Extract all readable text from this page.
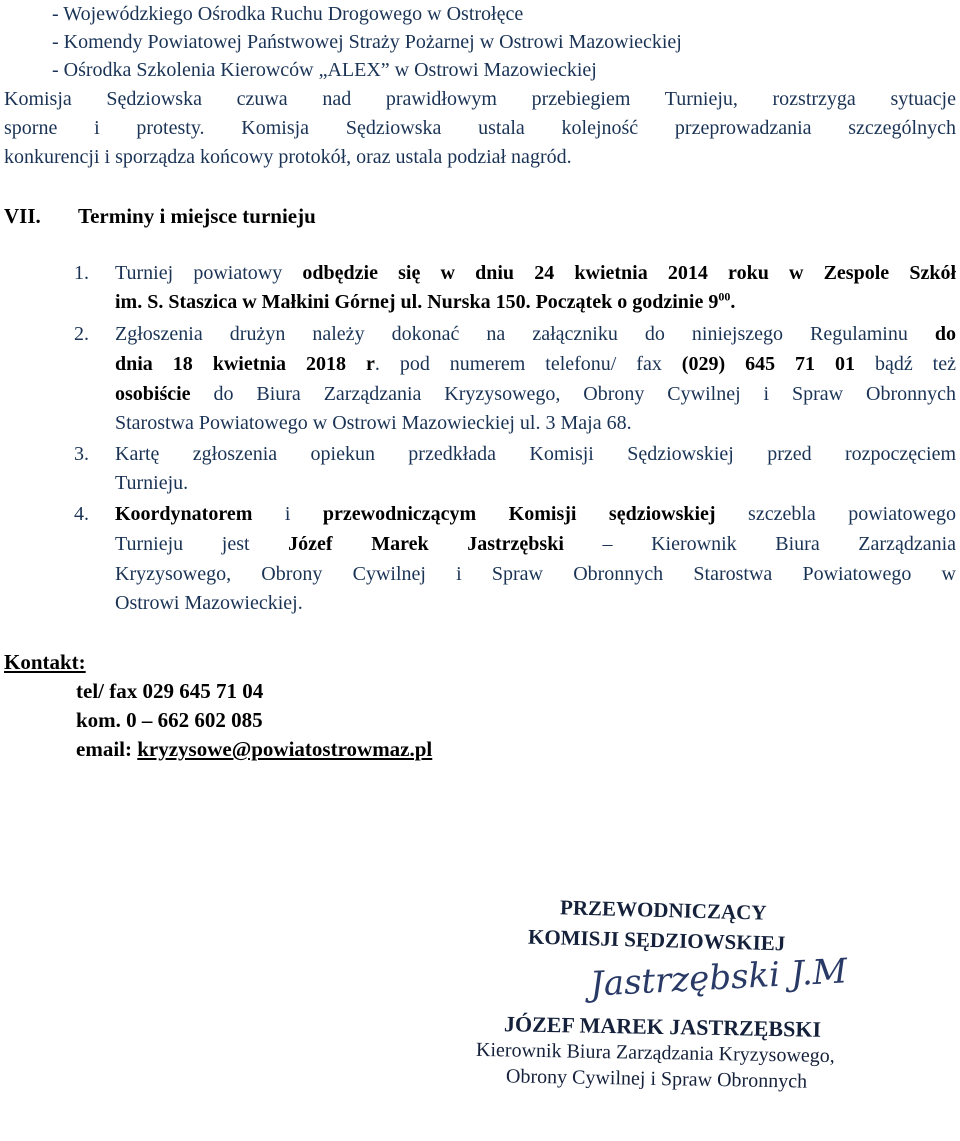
- Wojewódzkiego Ośrodka Ruchu Drogowego w Ostrołęce
- Komendy Powiatowej Państwowej Straży Pożarnej w Ostrowi Mazowieckiej
- Ośrodka Szkolenia Kierowców „ALEX” w Ostrowi Mazowieckiej
Komisja Sędziowska czuwa nad prawidłowym przebiegiem Turnieju, rozstrzyga sytuacje
sporne i protesty. Komisja Sędziowska ustala kolejność przeprowadzania szczególnych
konkurencji i sporządza końcowy protokół, oraz ustala podział nagród.
VII. Terminy i miejsce turnieju
1.	Turniej powiatowy odbędzie się w dniu 24 kwietnia 2014 roku w Zespole Szkół
im. S. Staszica w Małkini Górnej ul. Nurska 150. Początek o godzinie $9^{00}$.
2.	Zgłoszenia drużyn należy dokonać na załączniku do niniejszego Regulaminu do
dnia 18 kwietnia 2018 r. pod numerem telefonu/ fax (029) 645 71 01 bądź też
osobiście do Biura Zarządzania Kryzysowego, Obrony Cywilnej i Spraw Obronnych
Starostwa Powiatowego w Ostrowi Mazowieckiej ul. 3 Maja 68.
3.	Kartę zgłoszenia opiekun przedkłada Komisji Sędziowskiej przed rozpoczęciem
Turnieju.
4.	Koordynatorem i przewodniczącym Komisji sędziowskiej szczebla powiatowego
Turnieju jest Józef Marek Jastrzębski – Kierownik Biura Zarządzania
Kryzysowego, Obrony Cywilnej i Spraw Obronnych Starostwa Powiatowego w
Ostrowi Mazowieckiej.
Kontakt:
tel/ fax 029 645 71 04
kom. 0 – 662 602 085
email: kryzysowe@powiatostrowmaz.pl
PRZEWODNICZĄCY
KOMISJI SĘDZIOWSKIEJ
Jastrzębski J.M
JÓZEF MAREK JASTRZĘBSKI
Kierownik Biura Zarządzania Kryzysowego,
Obrony Cywilnej i Spraw Obronnych
